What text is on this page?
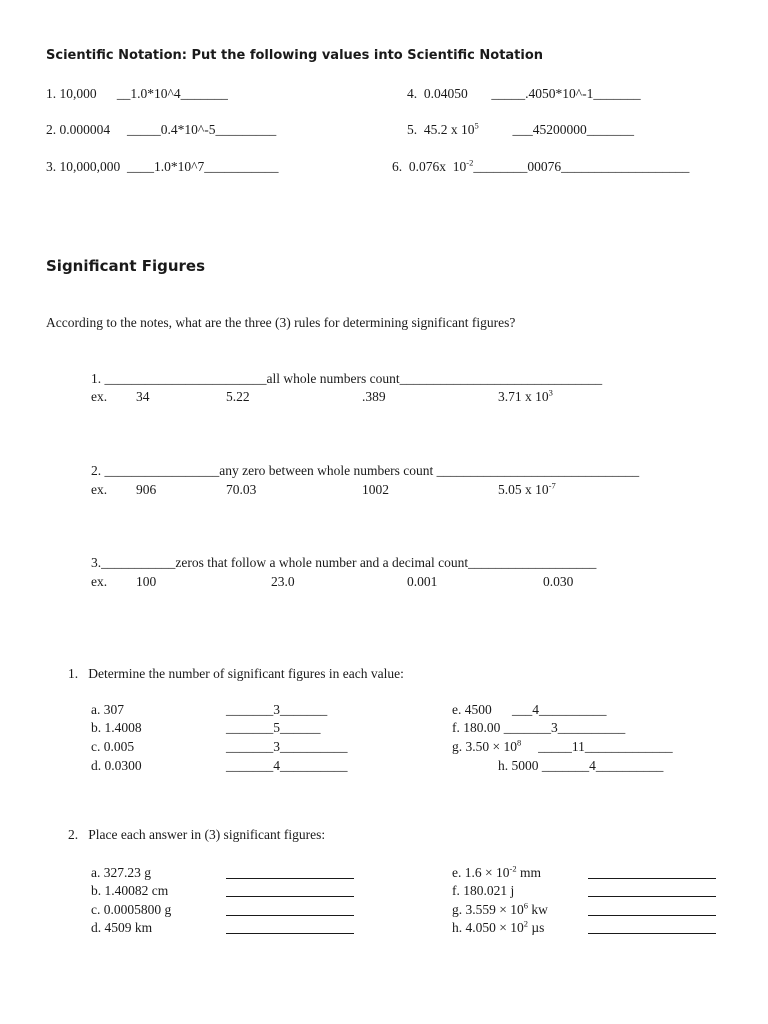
Scientific Notation: Put the following values into Scientific Notation
1. 10,000      __1.0*10^4_______
2. 0.000004     _____0.4*10^-5_________
3. 10,000,000  ____1.0*10^7___________
4.  0.04050       _____.4050*10^-1_______
5.  45.2 x $10^5$          ___45200000_______
6.  0.076x  $10^{-2}\_\_\_\_\_\_\_\_00076\_\_\_\_\_\_\_\_\_\_\_\_\_\_\_\_\_\_\_$
Significant Figures
According to the notes, what are the three (3) rules for determining significant figures?
1. ________________________all whole numbers count______________________________
ex. 34	5.22	.389	3.71 x $10^3$
2. _________________any zero between whole numbers count ______________________________
ex. 906	70.03	1002	5.05 x $10^{-7}$
3.___________zeros that follow a whole number and a decimal count___________________
ex. 100	23.0	0.001	0.030
1.   Determine the number of significant figures in each value:
a. 307	_______3_______
b. 1.4008	_______5______
c. 0.005	_______3__________
d. 0.0300	_______4__________
e. 4500      ___4__________
f. 180.00 _______3__________
g. $3.50 \times 10^8$     _____11_____________
h. 5000 _______4__________
2.   Place each answer in (3) significant figures:
a. 327.23 g
b. 1.40082 cm
c. 0.0005800 g
d. 4509 km
e. $1.6 \times 10^{-2}$ mm
f. 180.021 j
g. $3.559 \times 10^6$ kw
h. $4.050 \times 10^2$ µs
